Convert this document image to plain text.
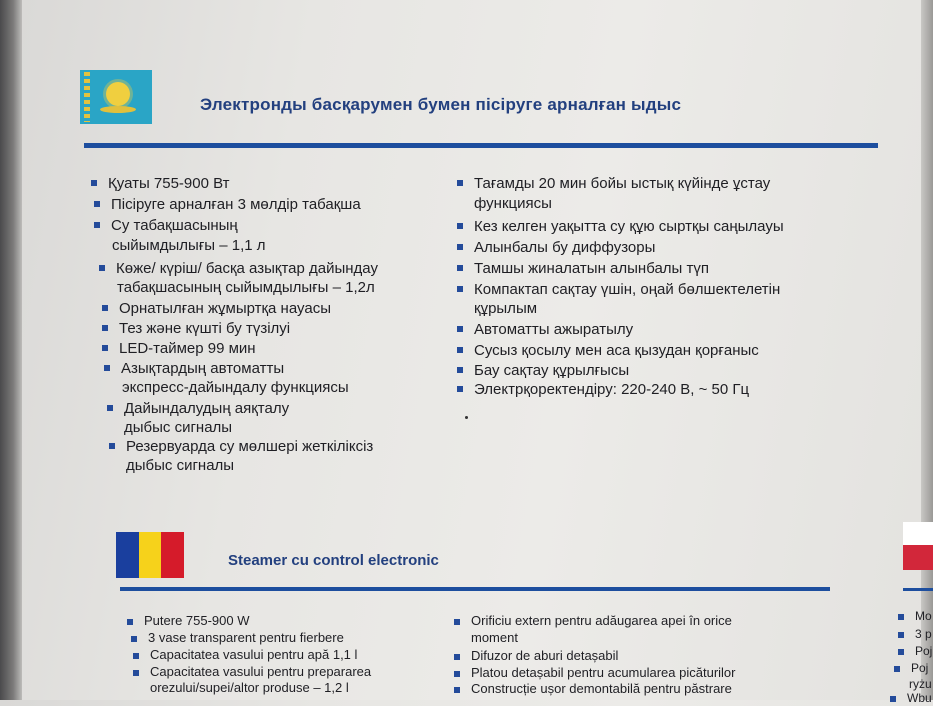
Электронды басқарумен бумен пісіруге арналған ыдыс
Қуаты 755-900 Вт
Пісіруге арналған 3 мөлдір табақша
Су табақшасының
сыйымдылығы – 1,1 л
Көже/ күріш/ басқа азықтар дайындау
табақшасының сыйымдылығы – 1,2л
Орнатылған жұмыртқа науасы
Тез және күшті бу түзілуі
LED-таймер 99 мин
Азықтардың автоматты
экспресс-дайындалу функциясы
Дайындалудың аяқталу
дыбыс сигналы
Резервуарда су мөлшері жеткіліксіз
дыбыс сигналы
Тағамды 20 мин бойы ыстық күйінде ұстау
функциясы
Кез келген уақытта су құю сыртқы саңылауы
Алынбалы бу диффузоры
Тамшы жиналатын алынбалы түп
Компактап сақтау үшін, оңай бөлшектелетін
құрылым
Автоматты ажыратылу
Сусыз қосылу мен аса қызудан қорғаныс
Бау сақтау құрылғысы
Электрқоректендіру: 220-240 В, ~ 50 Гц
Steamer cu control electronic
Putere 755-900 W
3 vase transparent pentru fierbere
Capacitatea vasului pentru apă 1,1 l
Capacitatea vasului pentru prepararea
orezului/supei/altor produse – 1,2 l
Orificiu extern pentru adăugarea apei în orice
moment
Difuzor de aburi detașabil
Platou detașabil pentru acumularea picăturilor
Construcție ușor demontabilă pentru păstrare
Mo
3 p
Poj
Poj
ryżu
Wbu
